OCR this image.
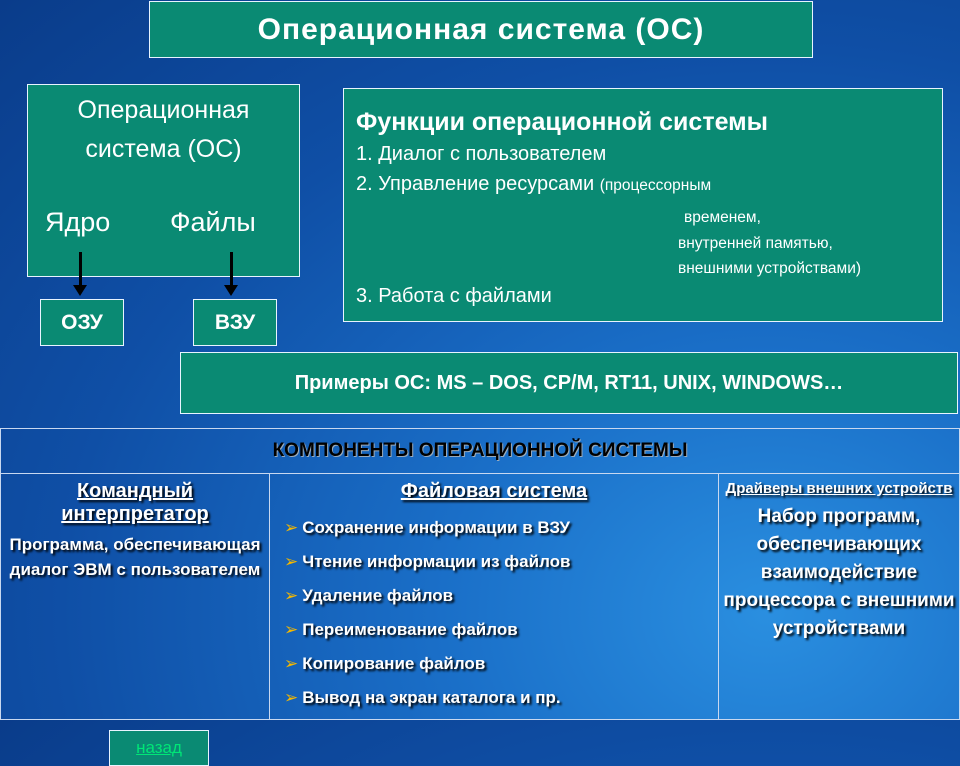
Операционная система (ОС)
Операционная
система (ОС)
Ядро Файлы
ОЗУ	ВЗУ
Функции операционной системы
1. Диалог с пользователем
2. Управление ресурсами (процессорным
временем,
внутренней памятью,
внешними устройствами)
3. Работа с файлами
Примеры ОС: MS – DOS, CP/M, RT11, UNIX, WINDOWS…
КОМПОНЕНТЫ ОПЕРАЦИОННОЙ СИСТЕМЫ

Командный интерпретатор
Программа, обеспечивающая диалог ЭВМ с пользователем
назад

Файловая система
➢ Сохранение информации в ВЗУ
➢ Чтение информации из файлов
➢ Удаление файлов
➢ Переименование файлов
➢ Копирование файлов
➢ Вывод на экран каталога и пр.

Драйверы внешних устройств
Набор программ, обеспечивающих взаимодействие процессора с внешними устройствами
